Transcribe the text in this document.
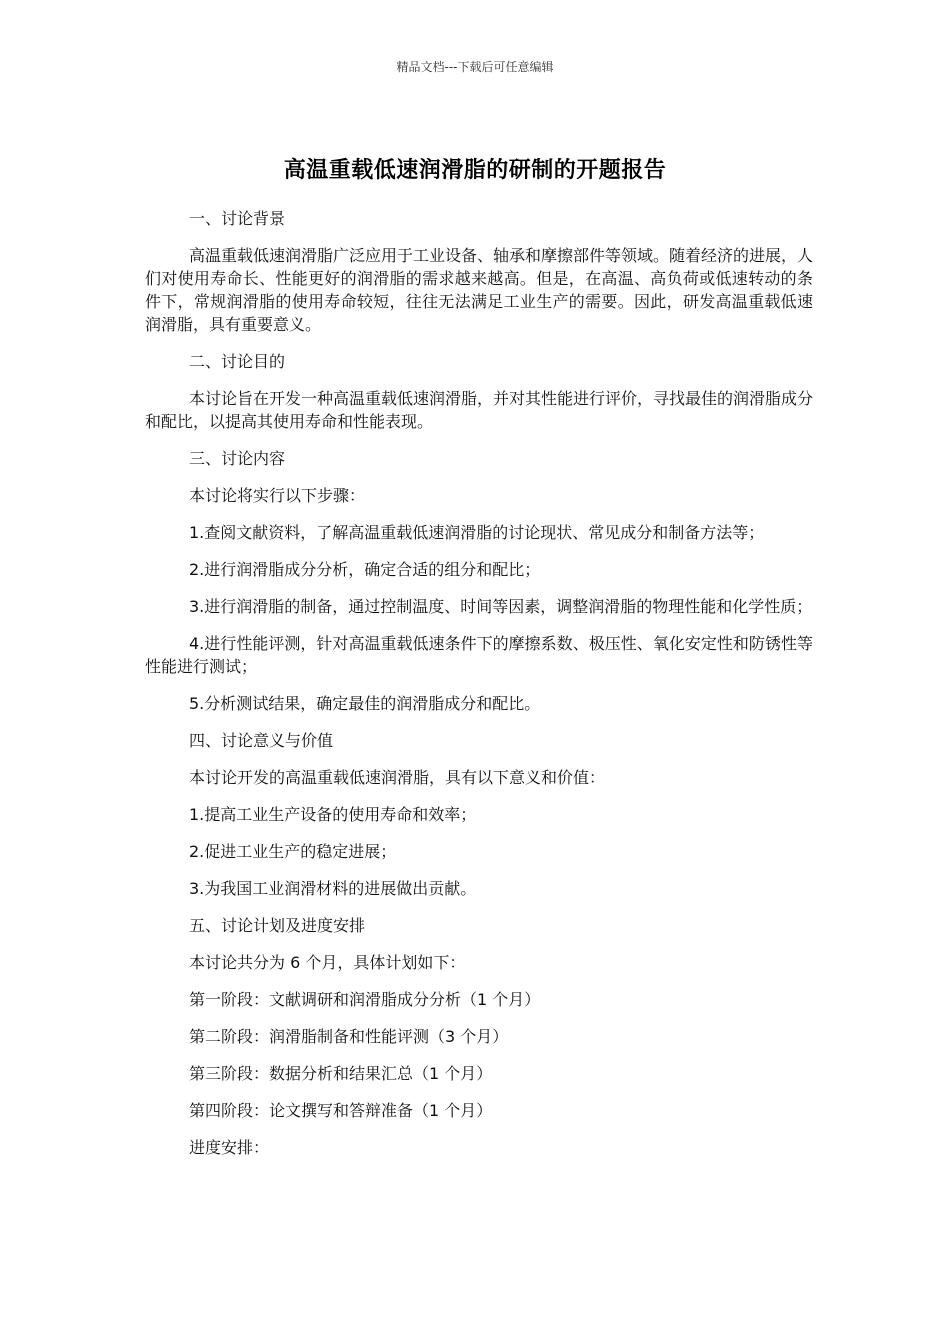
精品文档---下载后可任意编辑
高温重载低速润滑脂的研制的开题报告

一、讨论背景

高温重载低速润滑脂广泛应用于工业设备、轴承和摩擦部件等领域。随着经济的进展，人们对使用寿命长、性能更好的润滑脂的需求越来越高。但是，在高温、高负荷或低速转动的条件下，常规润滑脂的使用寿命较短，往往无法满足工业生产的需要。因此，研发高温重载低速润滑脂，具有重要意义。

二、讨论目的

本讨论旨在开发一种高温重载低速润滑脂，并对其性能进行评价，寻找最佳的润滑脂成分和配比，以提高其使用寿命和性能表现。

三、讨论内容

本讨论将实行以下步骤：

1.查阅文献资料，了解高温重载低速润滑脂的讨论现状、常见成分和制备方法等；

2.进行润滑脂成分分析，确定合适的组分和配比；

3.进行润滑脂的制备，通过控制温度、时间等因素，调整润滑脂的物理性能和化学性质；

4.进行性能评测，针对高温重载低速条件下的摩擦系数、极压性、氧化安定性和防锈性等性能进行测试；

5.分析测试结果，确定最佳的润滑脂成分和配比。

四、讨论意义与价值

本讨论开发的高温重载低速润滑脂，具有以下意义和价值：

1.提高工业生产设备的使用寿命和效率；

2.促进工业生产的稳定进展；

3.为我国工业润滑材料的进展做出贡献。

五、讨论计划及进度安排

本讨论共分为 6 个月，具体计划如下：

第一阶段：文献调研和润滑脂成分分析（1 个月）

第二阶段：润滑脂制备和性能评测（3 个月）

第三阶段：数据分析和结果汇总（1 个月）

第四阶段：论文撰写和答辩准备（1 个月）

进度安排：
